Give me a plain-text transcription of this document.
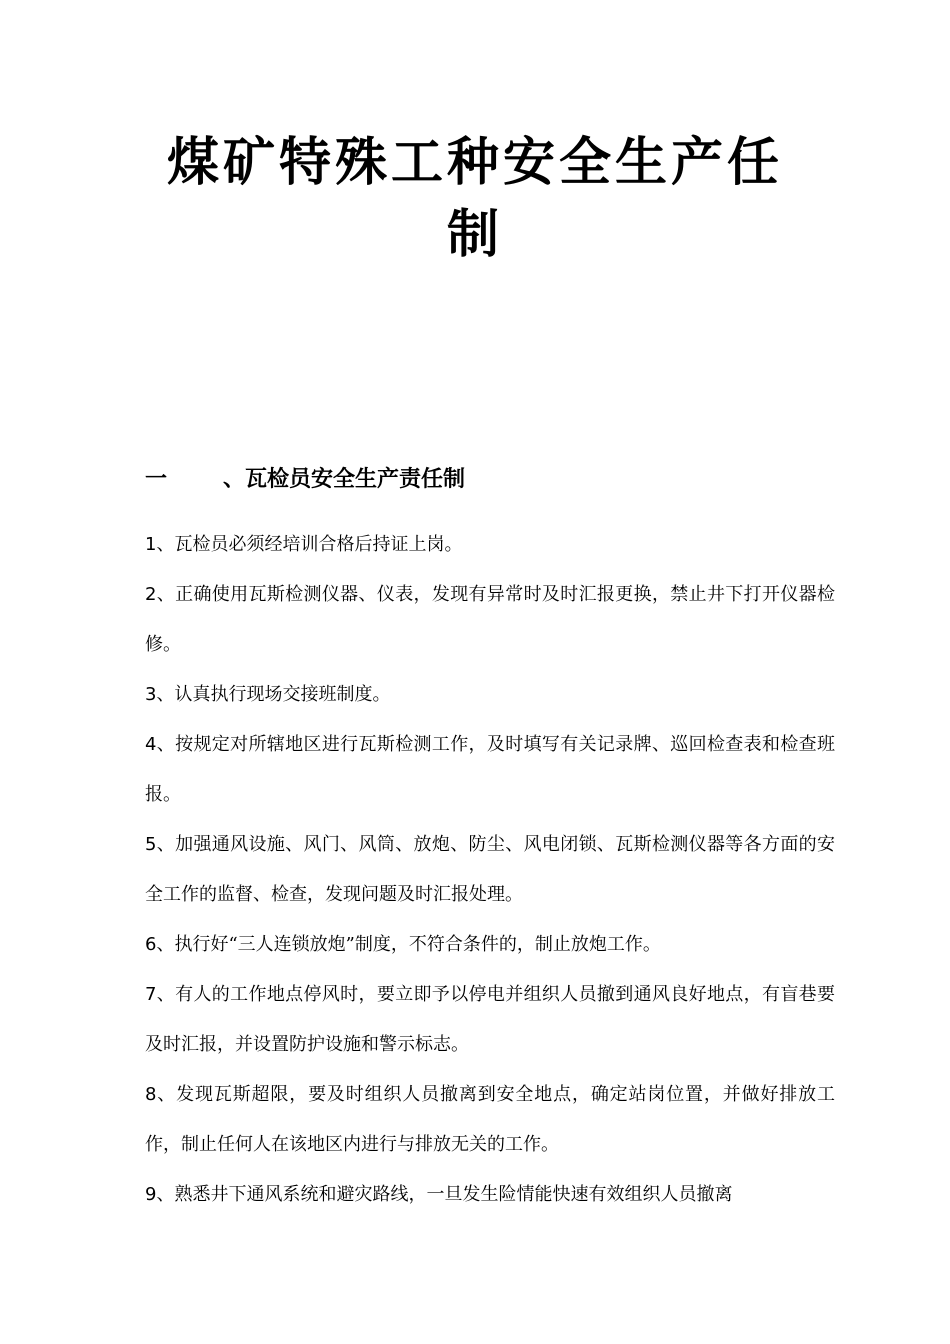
煤矿特殊工种安全生产任
制
一	、瓦检员安全生产责任制

1、瓦检员必须经培训合格后持证上岗。

2、正确使用瓦斯检测仪器、仪表，发现有异常时及时汇报更换，禁止井下打开仪器检修。

3、认真执行现场交接班制度。

4、按规定对所辖地区进行瓦斯检测工作，及时填写有关记录牌、巡回检查表和检查班报。

5、加强通风设施、风门、风筒、放炮、防尘、风电闭锁、瓦斯检测仪器等各方面的安全工作的监督、检查，发现问题及时汇报处理。

6、执行好“三人连锁放炮”制度，不符合条件的，制止放炮工作。

7、有人的工作地点停风时，要立即予以停电并组织人员撤到通风良好地点，有盲巷要及时汇报，并设置防护设施和警示标志。

8、发现瓦斯超限，要及时组织人员撤离到安全地点，确定站岗位置，并做好排放工作，制止任何人在该地区内进行与排放无关的工作。

9、熟悉井下通风系统和避灾路线，一旦发生险情能快速有效组织人员撤离
